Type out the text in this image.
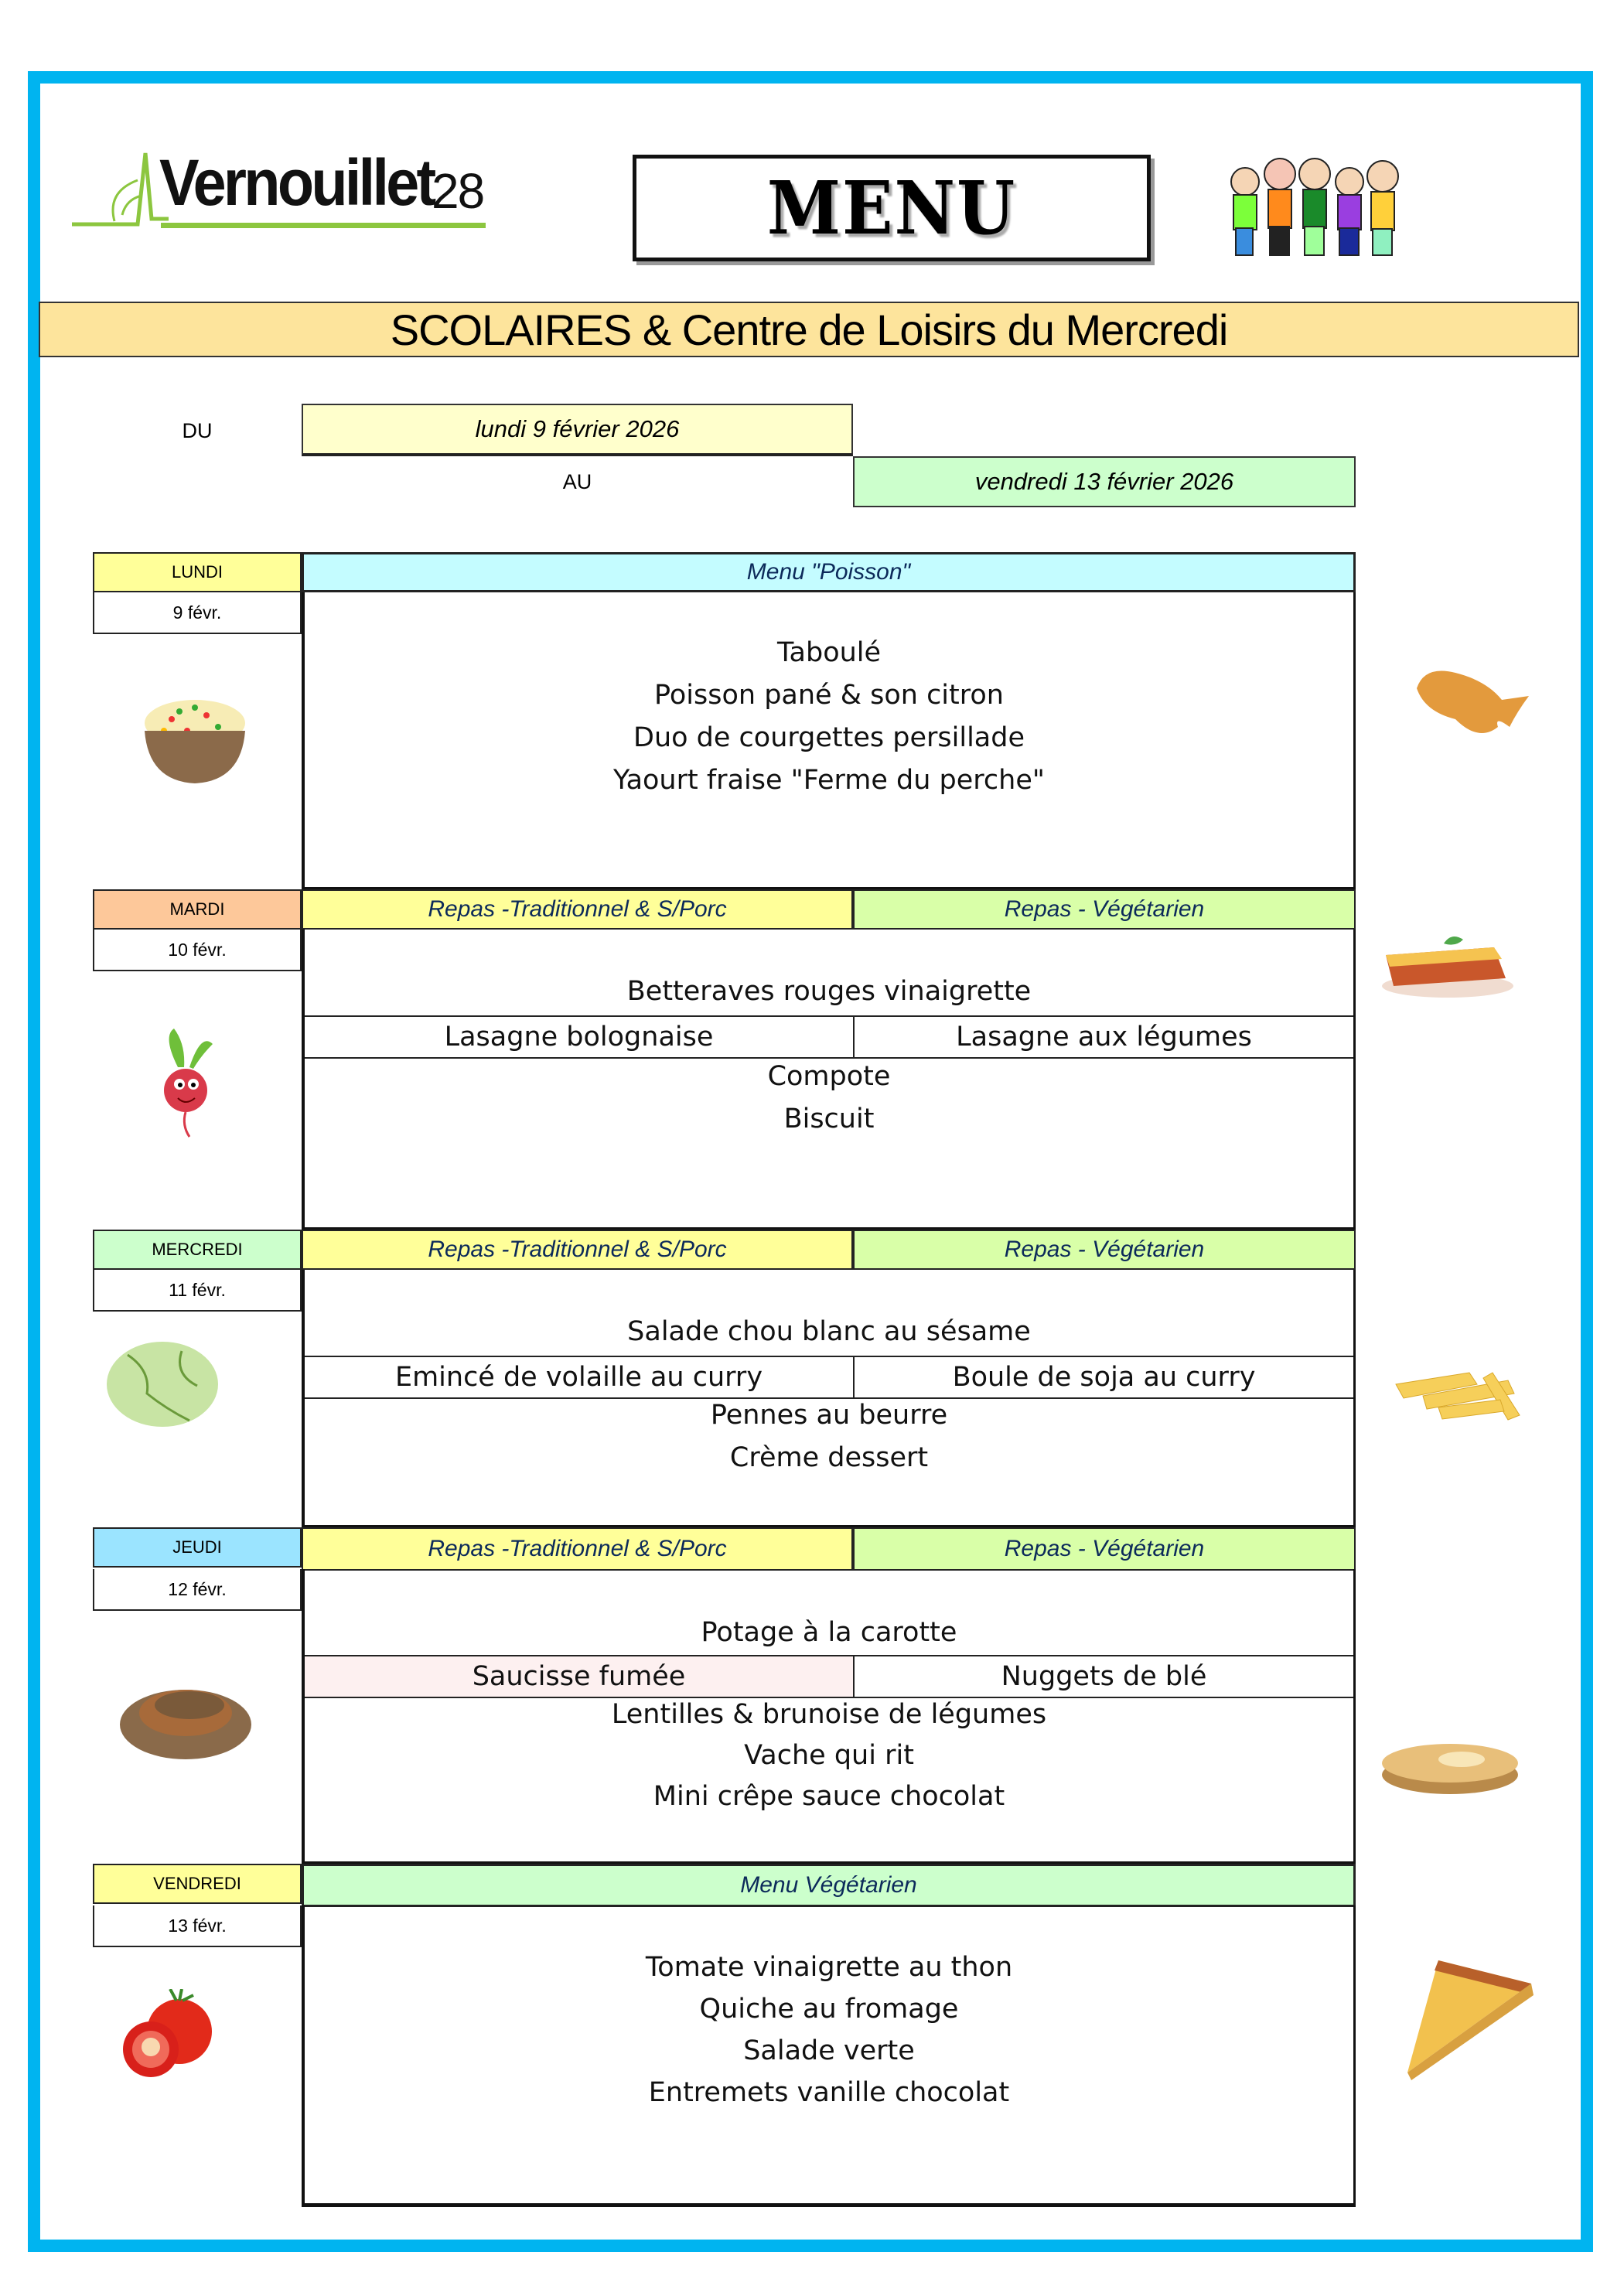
Vernouillet
28	MENU
SCOLAIRES & Centre de Loisirs du Mercredi
DU	lundi 9 février 2026
AU	vendredi 13 février 2026
LUNDI
9 févr.
Menu "Poisson"
Taboulé
Poisson pané & son citron
Duo de courgettes persillade
Yaourt fraise "Ferme du perche"
MARDI
10 févr.
Repas -Traditionnel & S/Porc	Repas - Végétarien
Betteraves rouges vinaigrette
Lasagne bolognaise	Lasagne aux légumes
Compote
Biscuit
MERCREDI
11 févr.
Repas -Traditionnel & S/Porc	Repas - Végétarien
Salade chou blanc au sésame
Emincé de volaille au curry	Boule de soja au curry
Pennes au beurre
Crème dessert
JEUDI
12 févr.
Repas -Traditionnel & S/Porc	Repas - Végétarien
Potage à la carotte
Saucisse fumée	Nuggets de blé
Lentilles & brunoise de légumes
Vache qui rit
Mini crêpe sauce chocolat
VENDREDI
13 févr.
Menu Végétarien
Tomate vinaigrette au thon
Quiche au fromage
Salade verte
Entremets vanille chocolat
